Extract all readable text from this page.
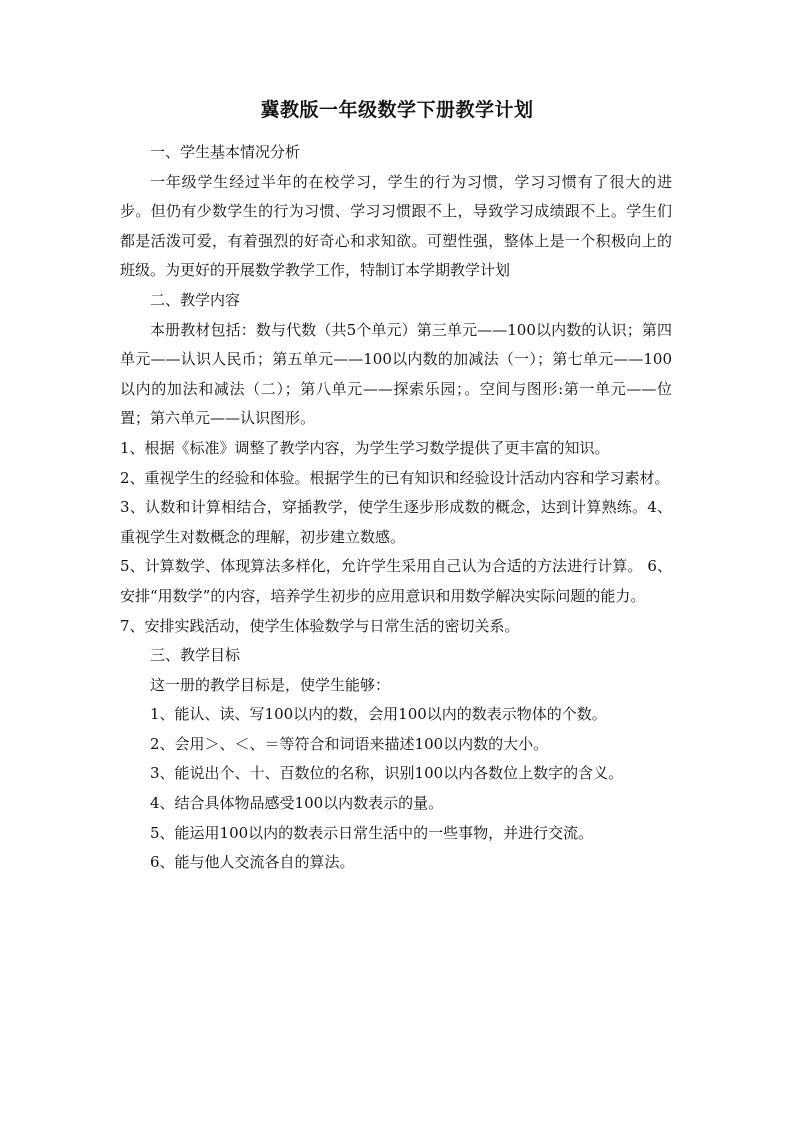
冀教版一年级数学下册教学计划

一、学生基本情况分析

一年级学生经过半年的在校学习，学生的行为习惯，学习习惯有了很大的进步。但仍有少数学生的行为习惯、学习习惯跟不上，导致学习成绩跟不上。学生们都是活泼可爱，有着强烈的好奇心和求知欲。可塑性强，整体上是一个积极向上的班级。为更好的开展数学教学工作，特制订本学期教学计划

二、教学内容

本册教材包括：数与代数（共5个单元）第三单元——100以内数的认识；第四单元——认识人民币；第五单元——100以内数的加减法（一）；第七单元——100以内的加法和减法（二）；第八单元——探索乐园；。空间与图形:第一单元——位置；第六单元——认识图形。

1、根据《标准》调整了教学内容，为学生学习数学提供了更丰富的知识。

2、重视学生的经验和体验。根据学生的已有知识和经验设计活动内容和学习素材。

3、认数和计算相结合，穿插教学，使学生逐步形成数的概念，达到计算熟练。4、重视学生对数概念的理解，初步建立数感。

5、计算数学、体现算法多样化，允许学生采用自己认为合适的方法进行计算。 6、安排“用数学”的内容，培养学生初步的应用意识和用数学解决实际问题的能力。

7、安排实践活动，使学生体验数学与日常生活的密切关系。

三、教学目标

这一册的教学目标是，使学生能够：

1、能认、读、写100以内的数，会用100以内的数表示物体的个数。

2、会用＞、＜、＝等符合和词语来描述100以内数的大小。

3、能说出个、十、百数位的名称，识别100以内各数位上数字的含义。

4、结合具体物品感受100以内数表示的量。

5、能运用100以内的数表示日常生活中的一些事物，并进行交流。

6、能与他人交流各自的算法。
